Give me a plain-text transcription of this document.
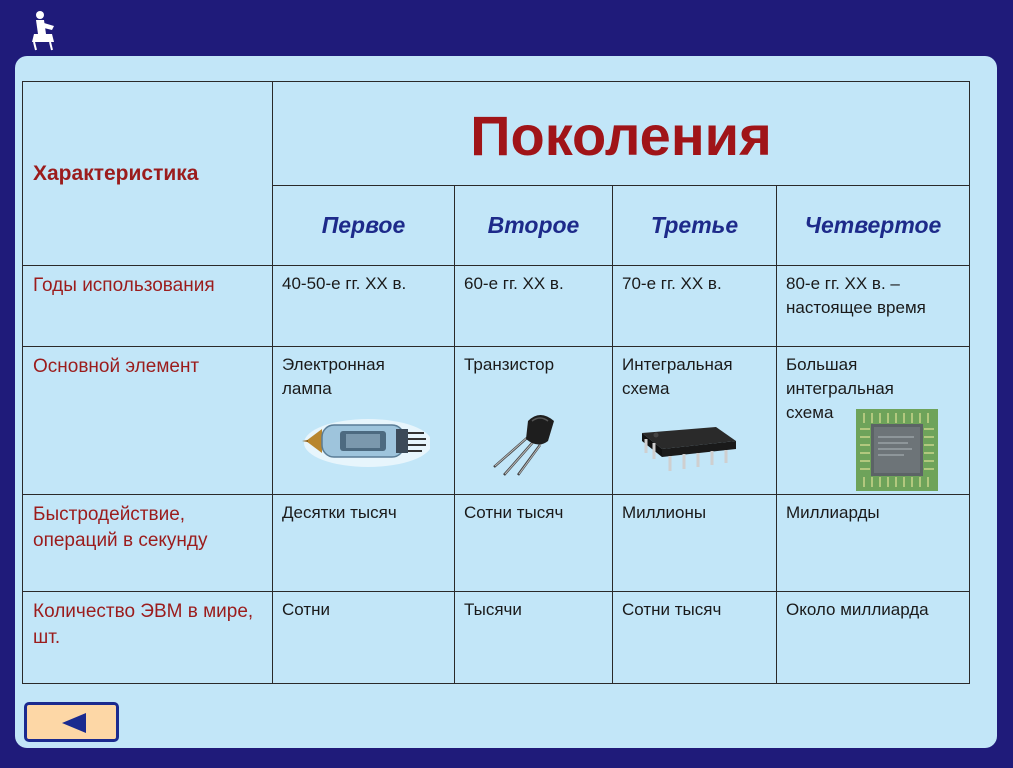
Характеристика	Поколения			
	Первое	Второе	Третье	Четвертое
Годы использования	40-50-е гг. XX в.	60-е гг. XX в.	70-е гг. XX в.	80-е гг. XX в. – настоящее время
Основной элемент	Электронная лампа	Транзистор	Интегральная схема	Большая интегральная схема

Быстродействие, операций в секунду	Десятки тысяч	Сотни тысяч	Миллионы	Миллиарды
Количество ЭВМ в мире, шт.	Сотни	Тысячи	Сотни тысяч	Около миллиарда
